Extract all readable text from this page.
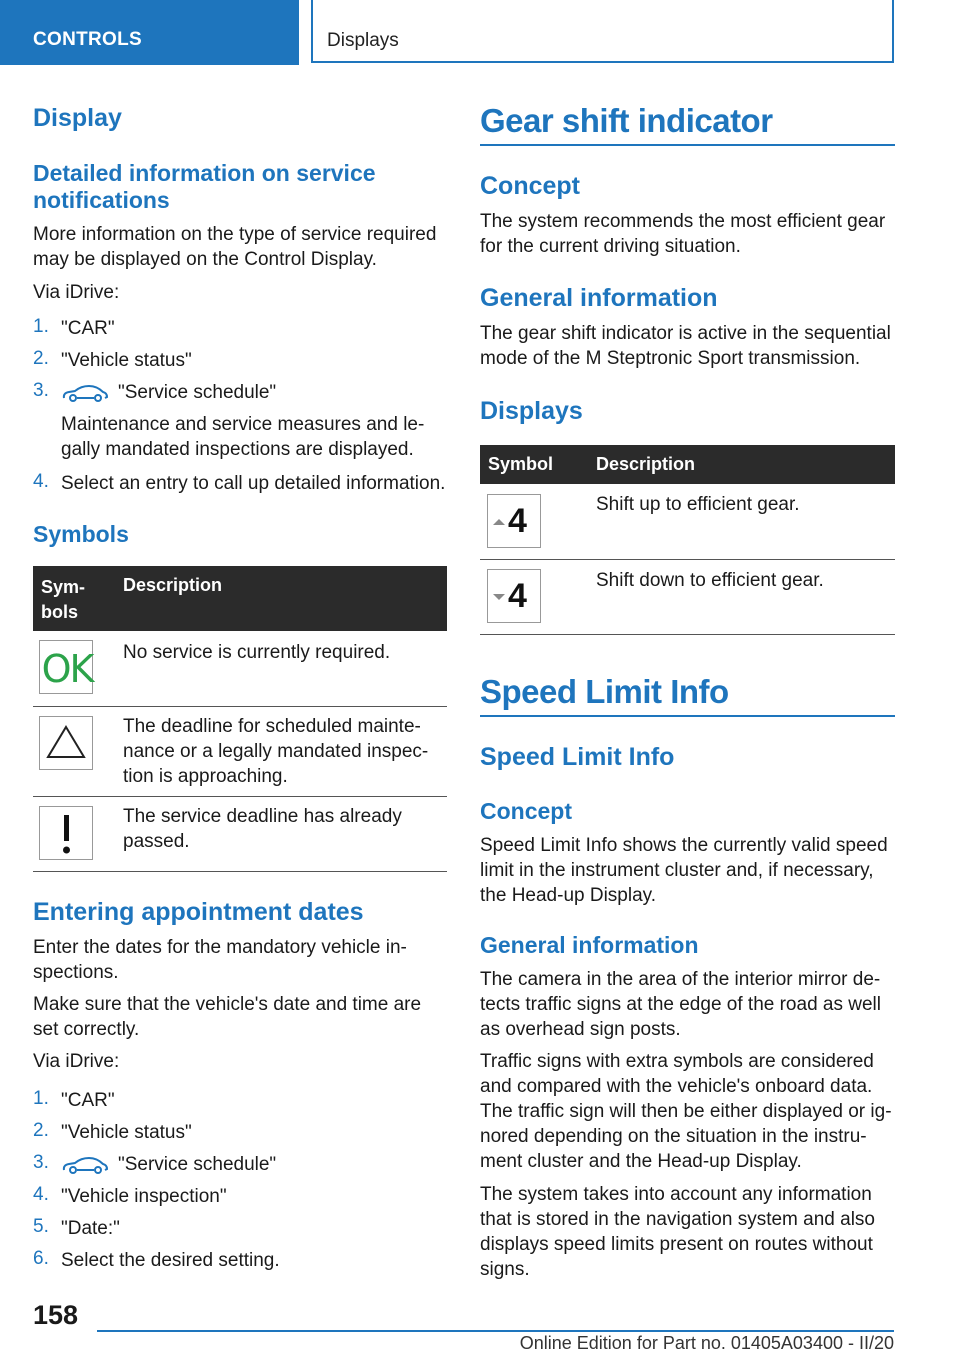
CONTROLS	Displays
Display
Detailed information on service
notifications
More information on the type of service required
may be displayed on the Control Display.
Via iDrive:
1. "CAR"
2. "Vehicle status"
3.	"Service schedule"
Maintenance and service measures and le-
gally mandated inspections are displayed.
4. Select an entry to call up detailed information.
Symbols
Sym-
bols
Description
OK No service is currently required.
The deadline for scheduled mainte-
nance or a legally mandated inspec-
tion is approaching.
The service deadline has already
passed.
Entering appointment dates
Enter the dates for the mandatory vehicle in-
spections.
Make sure that the vehicle's date and time are
set correctly.
Via iDrive:
1. "CAR"
2. "Vehicle status"
3.	"Service schedule"
4. "Vehicle inspection"
5. "Date:"
6. Select the desired setting.
Gear shift indicator
Concept
The system recommends the most efficient gear
for the current driving situation.
General information
The gear shift indicator is active in the sequential
mode of the M Steptronic Sport transmission.
Displays
Symbol Description
4	Shift up to efficient gear.
4	Shift down to efficient gear.
Speed Limit Info
Speed Limit Info
Concept
Speed Limit Info shows the currently valid speed
limit in the instrument cluster and, if necessary,
the Head-up Display.
General information
The camera in the area of the interior mirror de-
tects traffic signs at the edge of the road as well
as overhead sign posts.
Traffic signs with extra symbols are considered
and compared with the vehicle's onboard data.
The traffic sign will then be either displayed or ig-
nored depending on the situation in the instru-
ment cluster and the Head-up Display.
The system takes into account any information
that is stored in the navigation system and also
displays speed limits present on routes without
signs.
158
Online Edition for Part no. 01405A03400 - II/20
